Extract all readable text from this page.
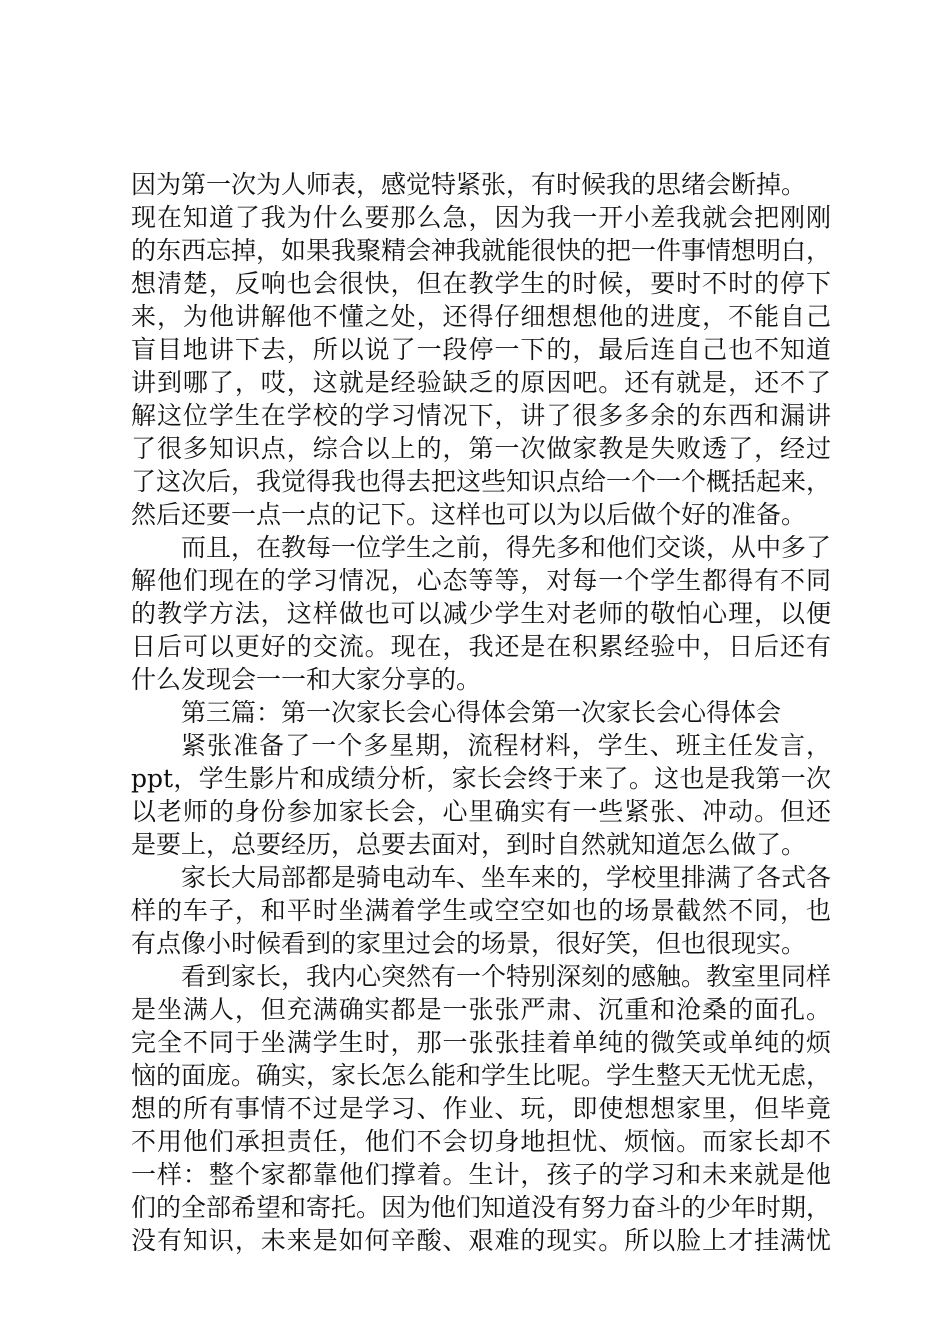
因为第一次为人师表，感觉特紧张，有时候我的思绪会断掉。
现在知道了我为什么要那么急，因为我一开小差我就会把刚刚
的东西忘掉，如果我聚精会神我就能很快的把一件事情想明白，
想清楚，反响也会很快，但在教学生的时候，要时不时的停下
来，为他讲解他不懂之处，还得仔细想想他的进度，不能自己
盲目地讲下去，所以说了一段停一下的，最后连自己也不知道
讲到哪了，哎，这就是经验缺乏的原因吧。还有就是，还不了
解这位学生在学校的学习情况下，讲了很多多余的东西和漏讲
了很多知识点，综合以上的，第一次做家教是失败透了，经过
了这次后，我觉得我也得去把这些知识点给一个一个概括起来，
然后还要一点一点的记下。这样也可以为以后做个好的准备。
而且，在教每一位学生之前，得先多和他们交谈，从中多了
解他们现在的学习情况，心态等等，对每一个学生都得有不同
的教学方法，这样做也可以减少学生对老师的敬怕心理，以便
日后可以更好的交流。现在，我还是在积累经验中，日后还有
什么发现会一一和大家分享的。
第三篇：第一次家长会心得体会第一次家长会心得体会
紧张准备了一个多星期，流程材料，学生、班主任发言，
ppt，学生影片和成绩分析，家长会终于来了。这也是我第一次
以老师的身份参加家长会，心里确实有一些紧张、冲动。但还
是要上，总要经历，总要去面对，到时自然就知道怎么做了。
家长大局部都是骑电动车、坐车来的，学校里排满了各式各
样的车子，和平时坐满着学生或空空如也的场景截然不同，也
有点像小时候看到的家里过会的场景，很好笑，但也很现实。
看到家长，我内心突然有一个特别深刻的感触。教室里同样
是坐满人，但充满确实都是一张张严肃、沉重和沧桑的面孔。
完全不同于坐满学生时，那一张张挂着单纯的微笑或单纯的烦
恼的面庞。确实，家长怎么能和学生比呢。学生整天无忧无虑，
想的所有事情不过是学习、作业、玩，即使想想家里，但毕竟
不用他们承担责任，他们不会切身地担忧、烦恼。而家长却不
一样：整个家都靠他们撑着。生计，孩子的学习和未来就是他
们的全部希望和寄托。因为他们知道没有努力奋斗的少年时期，
没有知识，未来是如何辛酸、艰难的现实。所以脸上才挂满忧
